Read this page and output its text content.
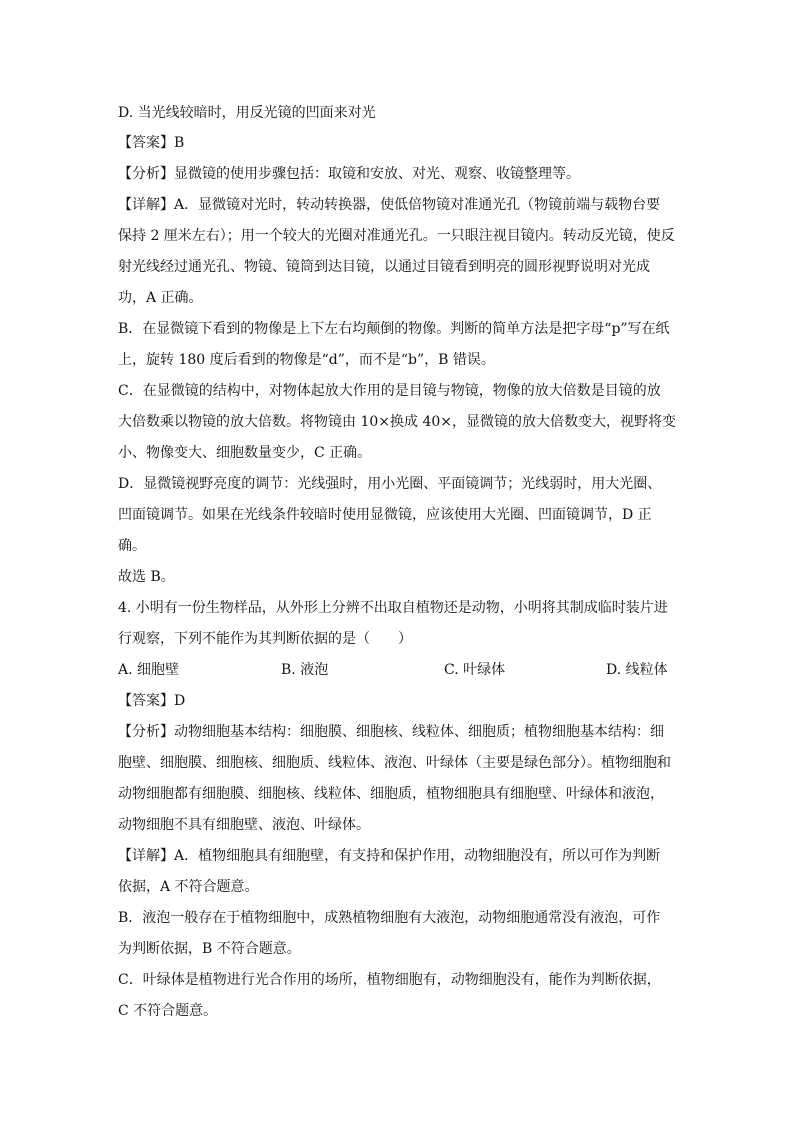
D. 当光线较暗时，用反光镜的凹面来对光
【答案】B
【分析】显微镜的使用步骤包括：取镜和安放、对光、观察、收镜整理等。
【详解】A．显微镜对光时，转动转换器，使低倍物镜对准通光孔（物镜前端与载物台要
保持 2 厘米左右）；用一个较大的光圈对准通光孔。一只眼注视目镜内。转动反光镜，使反
射光线经过通光孔、物镜、镜筒到达目镜，以通过目镜看到明亮的圆形视野说明对光成
功，A 正确。
B．在显微镜下看到的物像是上下左右均颠倒的物像。判断的简单方法是把字母“p”写在纸
上，旋转 180 度后看到的物像是“d”，而不是“b”，B 错误。
C．在显微镜的结构中，对物体起放大作用的是目镜与物镜，物像的放大倍数是目镜的放
大倍数乘以物镜的放大倍数。将物镜由 10×换成 40×，显微镜的放大倍数变大，视野将变
小、物像变大、细胞数量变少，C 正确。
D．显微镜视野亮度的调节：光线强时，用小光圈、平面镜调节；光线弱时，用大光圈、
凹面镜调节。如果在光线条件较暗时使用显微镜，应该使用大光圈、凹面镜调节，D 正
确。
故选 B。
4. 小明有一份生物样品，从外形上分辨不出取自植物还是动物，小明将其制成临时装片进
行观察，下列不能作为其判断依据的是（　　）
A. 细胞壁	B. 液泡	C. 叶绿体	D. 线粒体
【答案】D
【分析】动物细胞基本结构：细胞膜、细胞核、线粒体、细胞质；植物细胞基本结构：细
胞壁、细胞膜、细胞核、细胞质、线粒体、液泡、叶绿体（主要是绿色部分）。植物细胞和
动物细胞都有细胞膜、细胞核、线粒体、细胞质，植物细胞具有细胞壁、叶绿体和液泡，
动物细胞不具有细胞壁、液泡、叶绿体。
【详解】A．植物细胞具有细胞壁，有支持和保护作用，动物细胞没有，所以可作为判断
依据，A 不符合题意。
B．液泡一般存在于植物细胞中，成熟植物细胞有大液泡，动物细胞通常没有液泡，可作
为判断依据，B 不符合题意。
C．叶绿体是植物进行光合作用的场所，植物细胞有，动物细胞没有，能作为判断依据，
C 不符合题意。
